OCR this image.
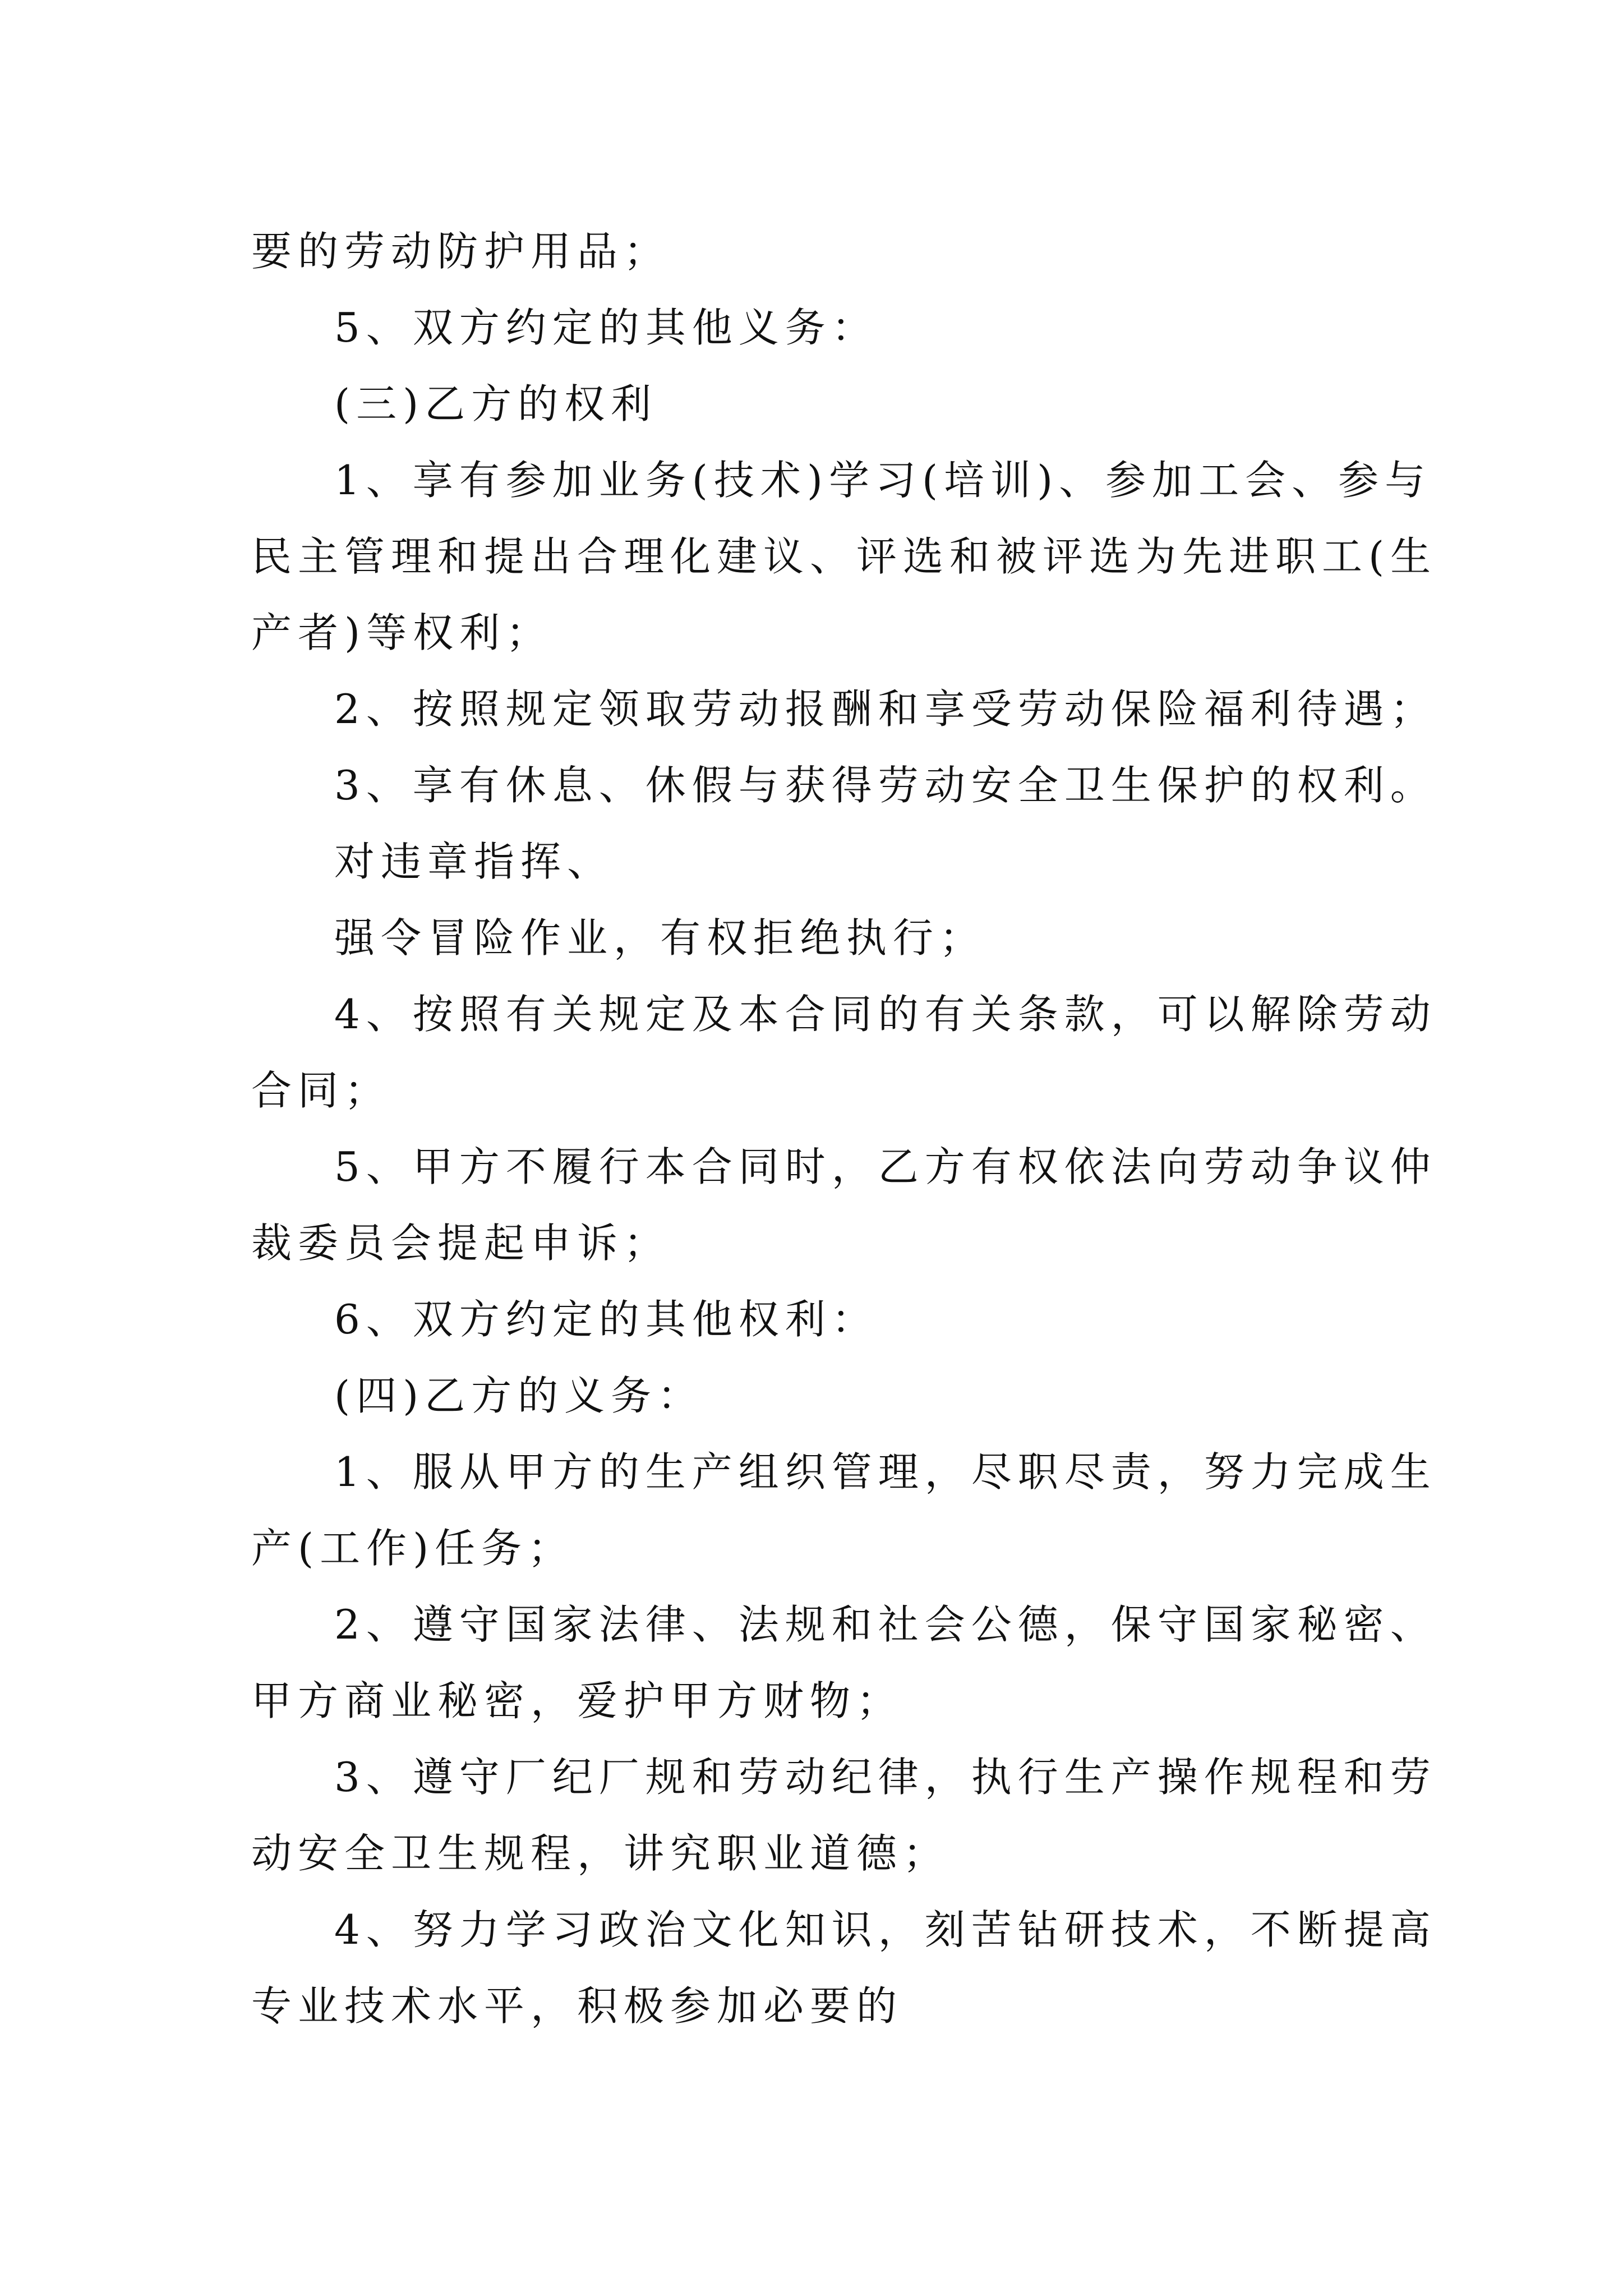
要的劳动防护用品；
5、双方约定的其他义务：
(三)乙方的权利
1、享有参加业务(技术)学习(培训)、参加工会、参与
民主管理和提出合理化建议、评选和被评选为先进职工(生
产者)等权利；
2、按照规定领取劳动报酬和享受劳动保险福利待遇；
3、享有休息、休假与获得劳动安全卫生保护的权利。
对违章指挥、
强令冒险作业，有权拒绝执行；
4、按照有关规定及本合同的有关条款，可以解除劳动
合同；
5、甲方不履行本合同时，乙方有权依法向劳动争议仲
裁委员会提起申诉；
6、双方约定的其他权利：
(四)乙方的义务：
1、服从甲方的生产组织管理，尽职尽责，努力完成生
产(工作)任务；
2、遵守国家法律、法规和社会公德，保守国家秘密、
甲方商业秘密，爱护甲方财物；
3、遵守厂纪厂规和劳动纪律，执行生产操作规程和劳
动安全卫生规程，讲究职业道德；
4、努力学习政治文化知识，刻苦钻研技术，不断提高
专业技术水平，积极参加必要的
